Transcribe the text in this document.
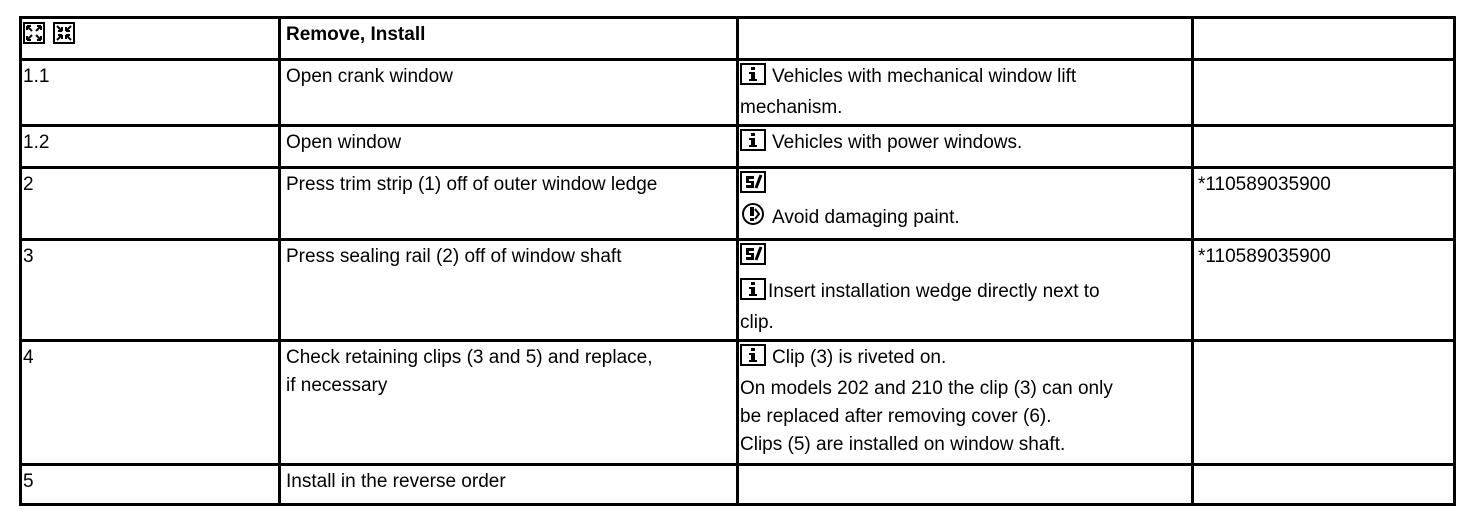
	Remove, Install		
1.1	Open crank window	Vehicles with mechanical window lift
mechanism.	

1.2	Open window	Vehicles with power windows.	

2	Press trim strip (1) off of outer window ledge	Avoid damaging paint.	*110589035900
3	Press sealing rail (2) off of window shaft	Insert installation wedge directly next to
clip.	*110589035900
4	Check retaining clips (3 and 5) and replace,
if necessary	Clip (3) is riveted on.
On models 202 and 210 the clip (3) can only
be replaced after removing cover (6).
Clips (5) are installed on window shaft.	

5	Install in the reverse order		
